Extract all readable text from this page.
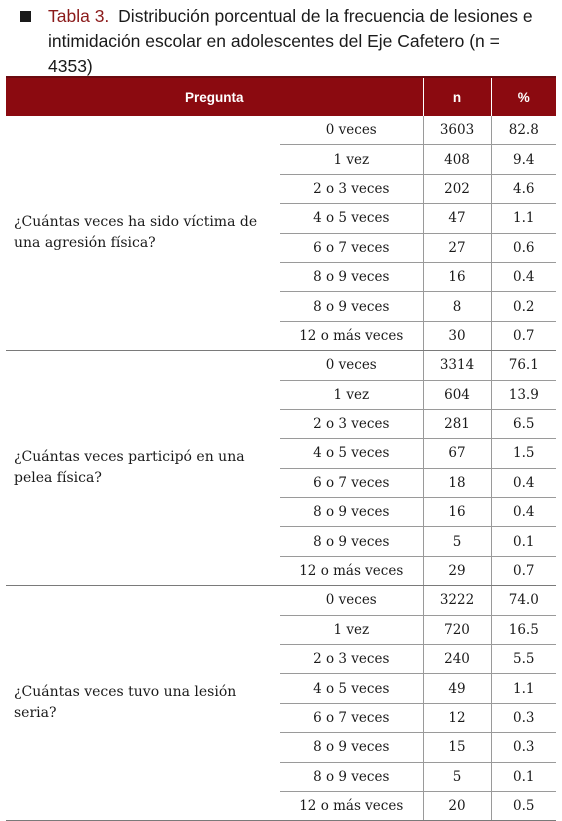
Tabla 3. Distribución porcentual de la frecuencia de lesiones e intimidación escolar en adolescentes del Eje Cafetero (n = 4353)
Pregunta		n	%
¿Cuántas veces ha sido víctima de una agresión física?	0 veces	3603	82.8
	1 vez	408	9.4
	2 o 3 veces	202	4.6
	4 o 5 veces	47	1.1
	6 o 7 veces	27	0.6
	8 o 9 veces	16	0.4
	8 o 9 veces	8	0.2
	12 o más veces	30	0.7
¿Cuántas veces participó en una pelea física?	0 veces	3314	76.1
	1 vez	604	13.9
	2 o 3 veces	281	6.5
	4 o 5 veces	67	1.5
	6 o 7 veces	18	0.4
	8 o 9 veces	16	0.4
	8 o 9 veces	5	0.1
	12 o más veces	29	0.7
¿Cuántas veces tuvo una lesión seria?	0 veces	3222	74.0
	1 vez	720	16.5
	2 o 3 veces	240	5.5
	4 o 5 veces	49	1.1
	6 o 7 veces	12	0.3
	8 o 9 veces	15	0.3
	8 o 9 veces	5	0.1
	12 o más veces	20	0.5
